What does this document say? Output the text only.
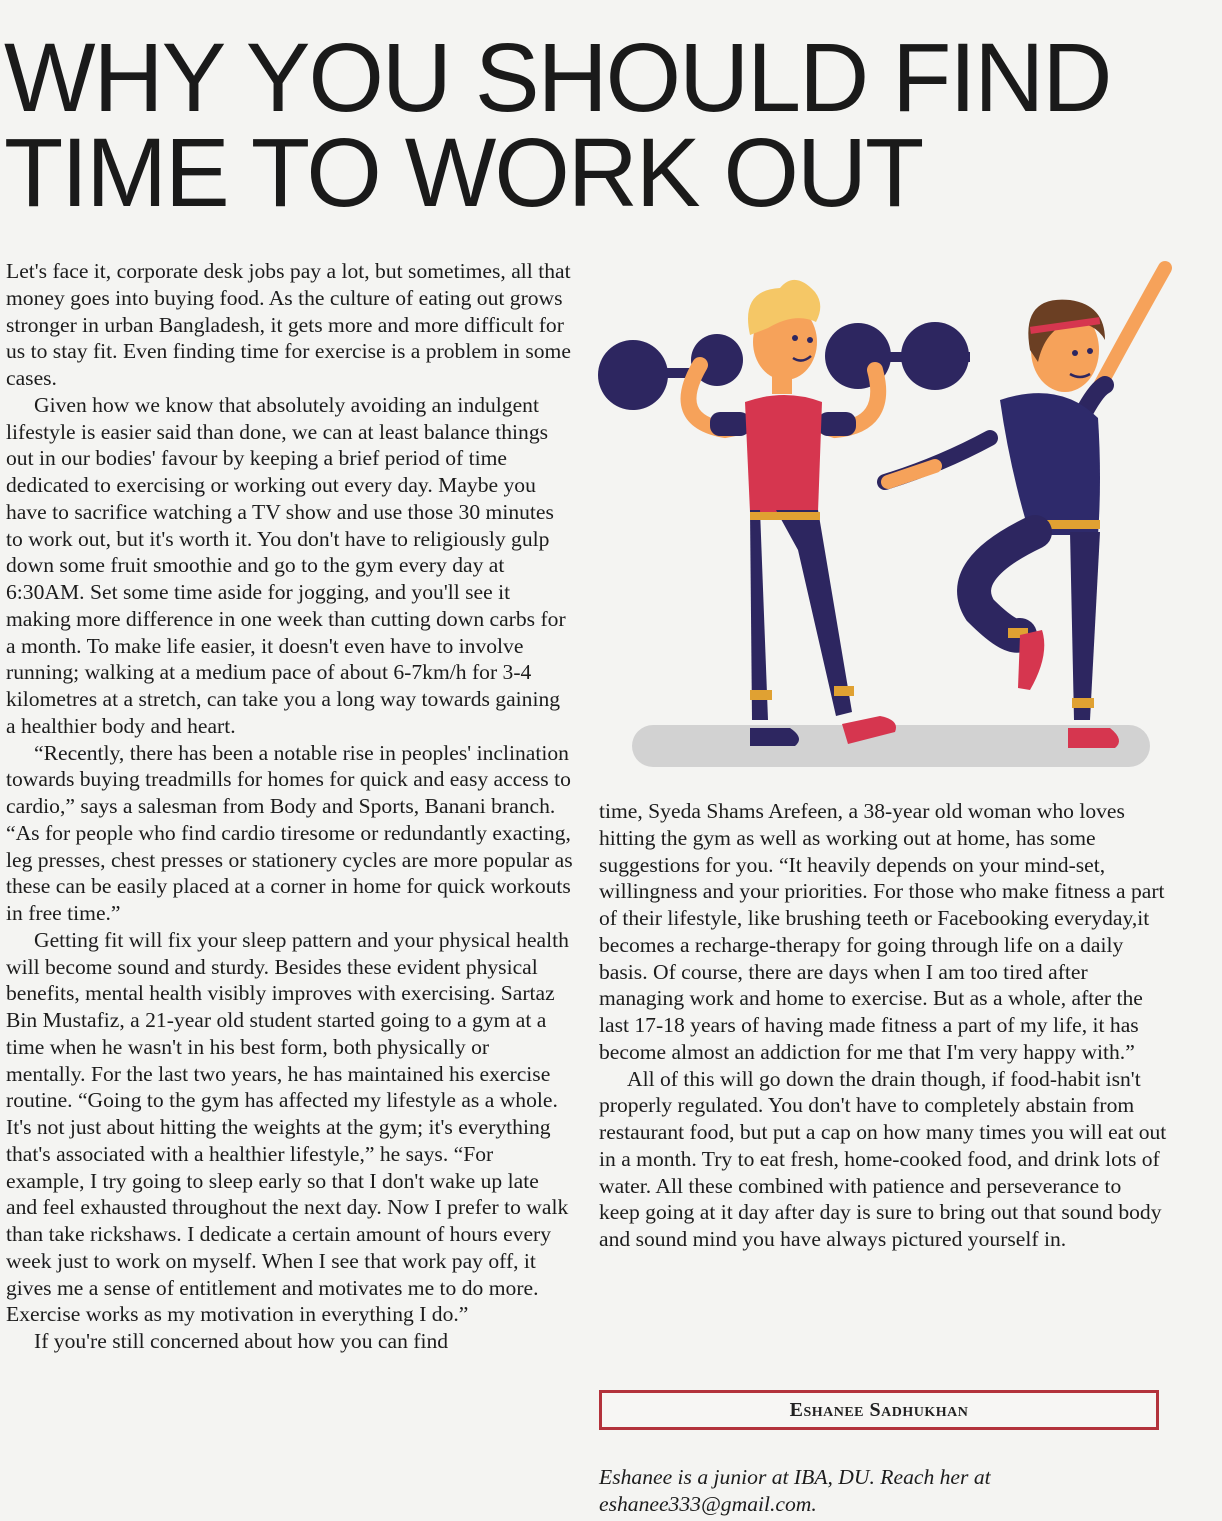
WHY YOU SHOULD FIND
TIME TO WORK OUT

Let's face it, corporate desk jobs pay a lot, but sometimes, all that money goes into buying food. As the culture of eating out grows stronger in urban Bangladesh, it gets more and more difficult for us to stay fit. Even finding time for exercise is a problem in some cases.

Given how we know that absolutely avoiding an indulgent lifestyle is easier said than done, we can at least balance things out in our bodies' favour by keeping a brief period of time dedicated to exercising or working out every day. Maybe you have to sacrifice watching a TV show and use those 30 minutes to work out, but it's worth it. You don't have to religiously gulp down some fruit smoothie and go to the gym every day at 6:30AM. Set some time aside for jogging, and you'll see it making more difference in one week than cutting down carbs for a month. To make life easier, it doesn't even have to involve running; walking at a medium pace of about 6-7km/h for 3-4 kilometres at a stretch, can take you a long way towards gaining a healthier body and heart.

“Recently, there has been a notable rise in peoples' inclination towards buying treadmills for homes for quick and easy access to cardio,” says a salesman from Body and Sports, Banani branch. “As for people who find cardio tiresome or redundantly exacting, leg presses, chest presses or stationery cycles are more popular as these can be easily placed at a corner in home for quick workouts in free time.”

Getting fit will fix your sleep pattern and your physical health will become sound and sturdy. Besides these evident physical benefits, mental health visibly improves with exercising. Sartaz Bin Mustafiz, a 21-year old student started going to a gym at a time when he wasn't in his best form, both physically or mentally. For the last two years, he has maintained his exercise routine. “Going to the gym has affected my lifestyle as a whole. It's not just about hitting the weights at the gym; it's everything that's associated with a healthier lifestyle,” he says. “For example, I try going to sleep early so that I don't wake up late and feel exhausted throughout the next day. Now I prefer to walk than take rickshaws. I dedicate a certain amount of hours every week just to work on myself. When I see that work pay off, it gives me a sense of entitlement and motivates me to do more. Exercise works as my motivation in everything I do.”

If you're still concerned about how you can find

time, Syeda Shams Arefeen, a 38-year old woman who loves hitting the gym as well as working out at home, has some suggestions for you. “It heavily depends on your mind-set, willingness and your priorities. For those who make fitness a part of their lifestyle, like brushing teeth or Facebooking everyday,it becomes a recharge-therapy for going through life on a daily basis. Of course, there are days when I am too tired after managing work and home to exercise. But as a whole, after the last 17-18 years of having made fitness a part of my life, it has become almost an addiction for me that I'm very happy with.”

All of this will go down the drain though, if food-habit isn't properly regulated. You don't have to completely abstain from restaurant food, but put a cap on how many times you will eat out in a month. Try to eat fresh, home-cooked food, and drink lots of water. All these combined with patience and perseverance to keep going at it day after day is sure to bring out that sound body and sound mind you have always pictured yourself in.

Eshanee Sadhukhan

Eshanee is a junior at IBA, DU. Reach her at
eshanee333@gmail.com.
